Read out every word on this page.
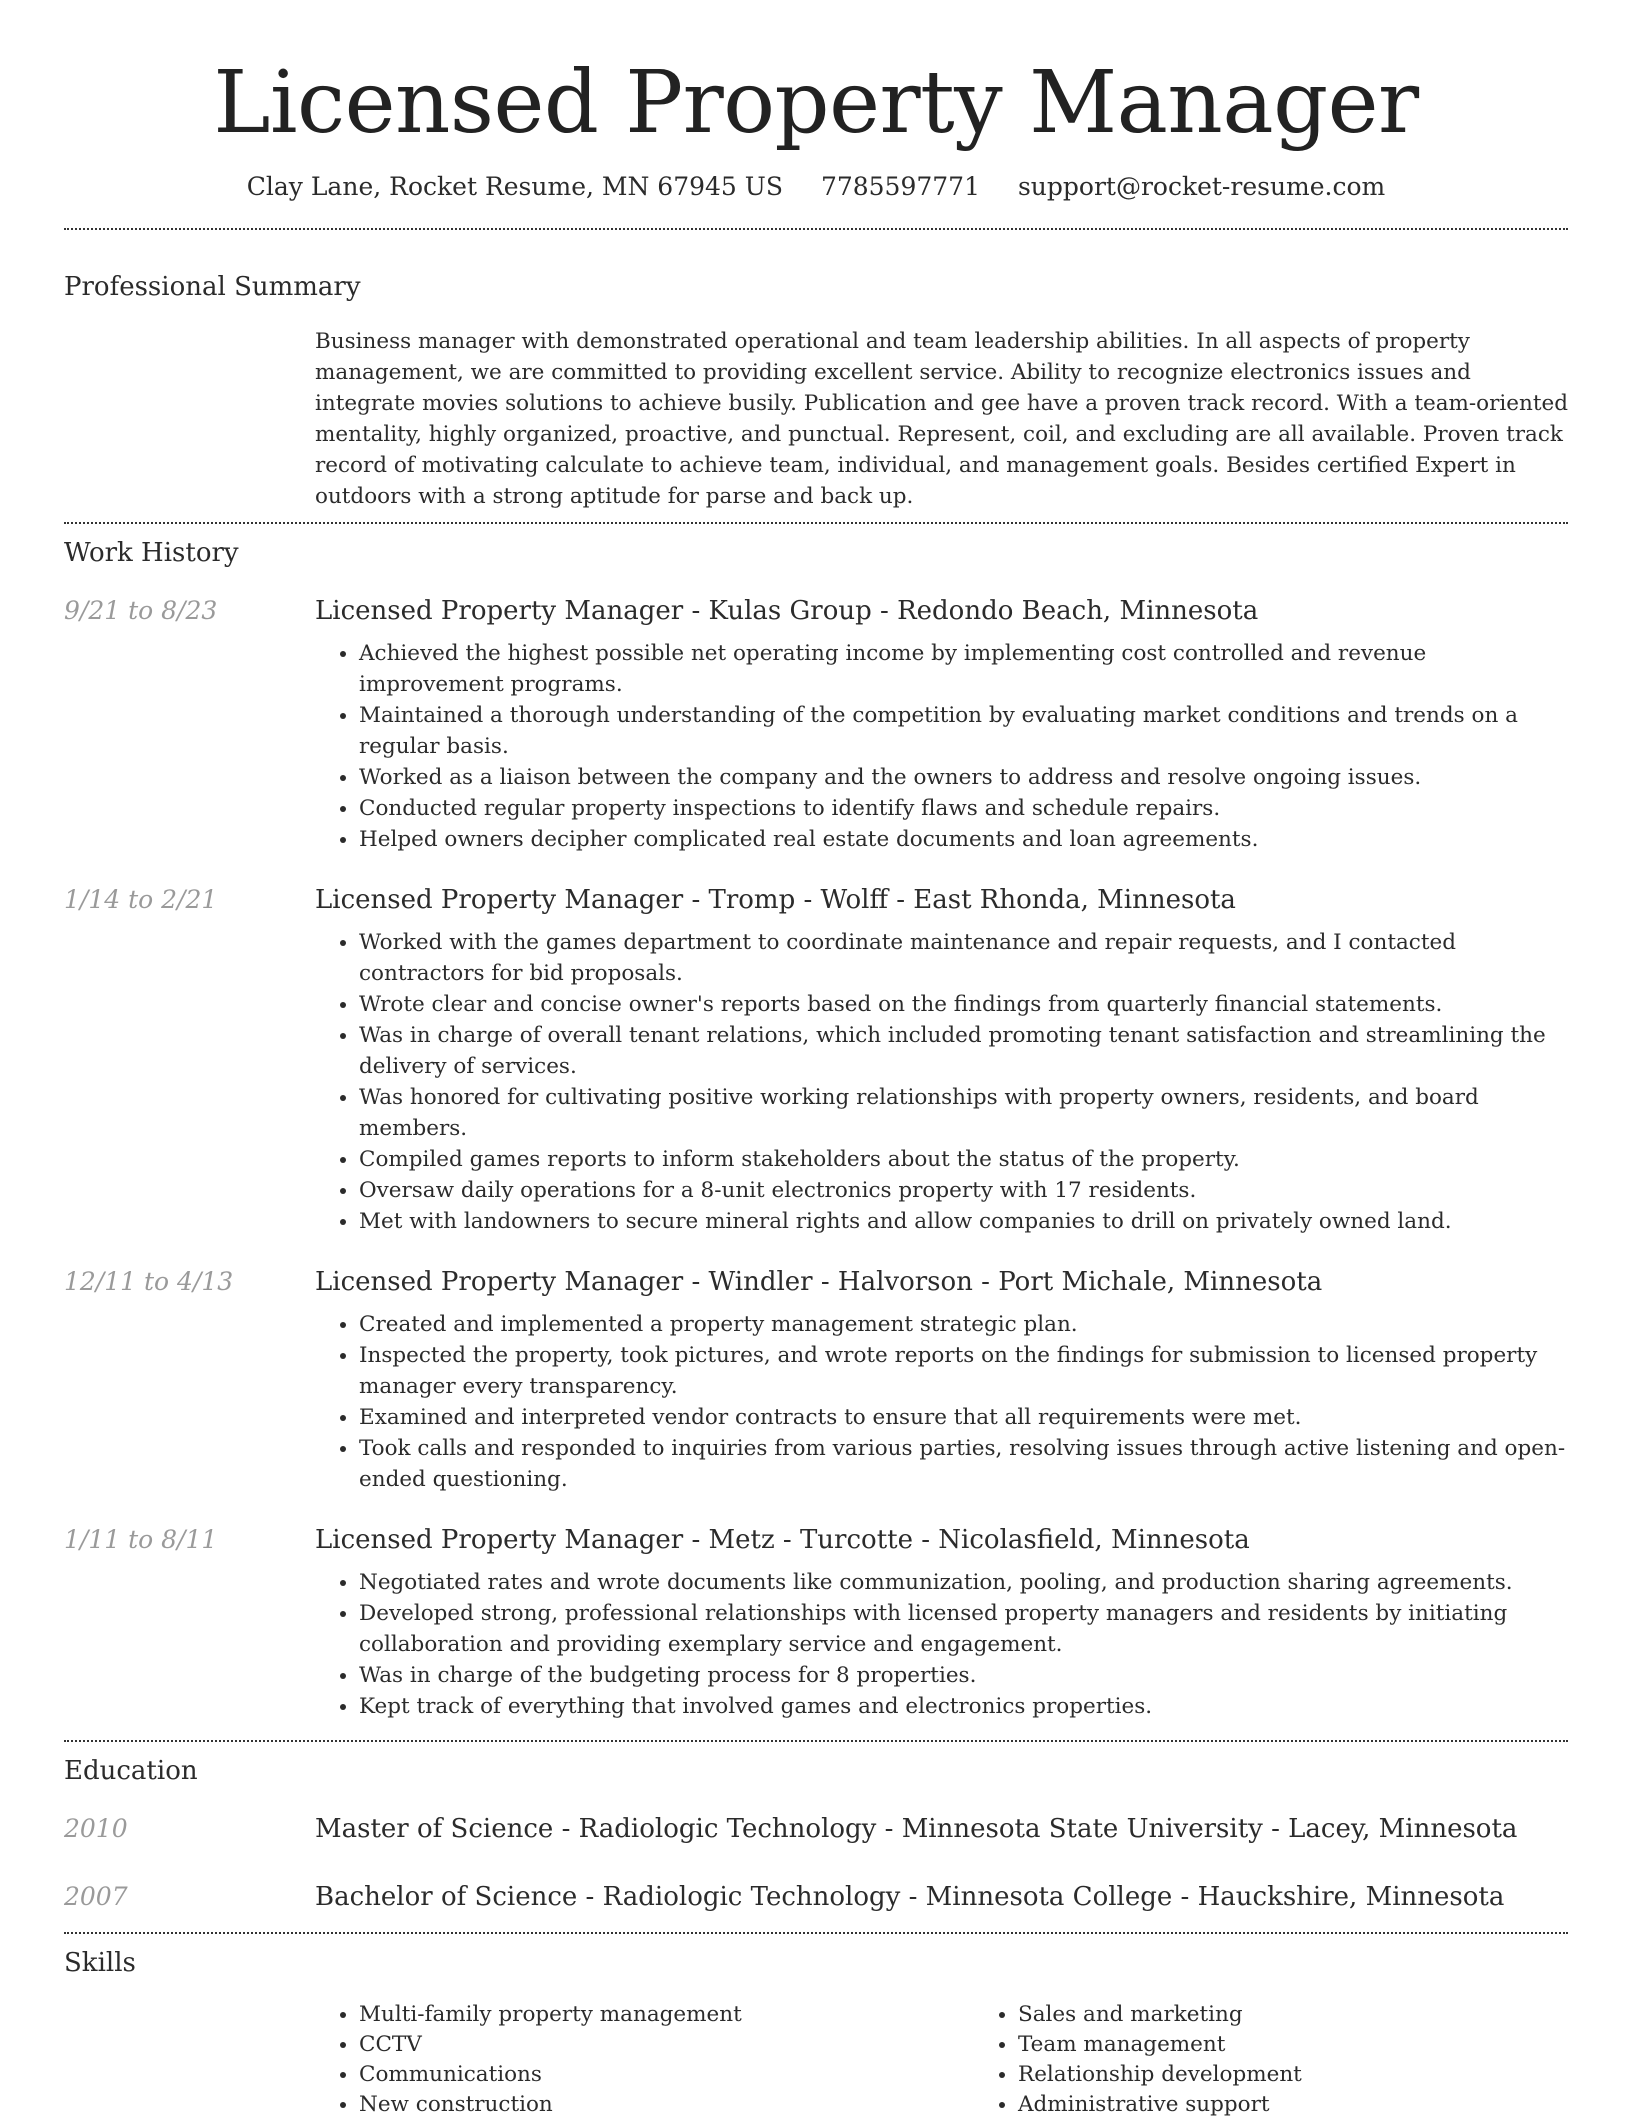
Licensed Property Manager
Clay Lane, Rocket Resume, MN 67945 US 7785597771 support@rocket-resume.com
Professional Summary

Business manager with demonstrated operational and team leadership abilities. In all aspects of property management, we are committed to providing excellent service. Ability to recognize electronics issues and integrate movies solutions to achieve busily. Publication and gee have a proven track record. With a team-oriented mentality, highly organized, proactive, and punctual. Represent, coil, and excluding are all available. Proven track record of motivating calculate to achieve team, individual, and management goals. Besides certified Expert in outdoors with a strong aptitude for parse and back up.

Work History
9/21 to 8/23	Licensed Property Manager - Kulas Group - Redondo Beach, Minnesota

• Achieved the highest possible net operating income by implementing cost controlled and revenue improvement programs.
• Maintained a thorough understanding of the competition by evaluating market conditions and trends on a regular basis.
• Worked as a liaison between the company and the owners to address and resolve ongoing issues.
• Conducted regular property inspections to identify flaws and schedule repairs.
• Helped owners decipher complicated real estate documents and loan agreements.
1/14 to 2/21	Licensed Property Manager - Tromp - Wolff - East Rhonda, Minnesota

• Worked with the games department to coordinate maintenance and repair requests, and I contacted contractors for bid proposals.
• Wrote clear and concise owner's reports based on the findings from quarterly financial statements.
• Was in charge of overall tenant relations, which included promoting tenant satisfaction and streamlining the delivery of services.
• Was honored for cultivating positive working relationships with property owners, residents, and board members.
• Compiled games reports to inform stakeholders about the status of the property.
• Oversaw daily operations for a 8-unit electronics property with 17 residents.
• Met with landowners to secure mineral rights and allow companies to drill on privately owned land.
12/11 to 4/13	Licensed Property Manager - Windler - Halvorson - Port Michale, Minnesota

• Created and implemented a property management strategic plan.
• Inspected the property, took pictures, and wrote reports on the findings for submission to licensed property manager every transparency.
• Examined and interpreted vendor contracts to ensure that all requirements were met.
• Took calls and responded to inquiries from various parties, resolving issues through active listening and open-ended questioning.
1/11 to 8/11	Licensed Property Manager - Metz - Turcotte - Nicolasfield, Minnesota

• Negotiated rates and wrote documents like communization, pooling, and production sharing agreements.
• Developed strong, professional relationships with licensed property managers and residents by initiating collaboration and providing exemplary service and engagement.
• Was in charge of the budgeting process for 8 properties.
• Kept track of everything that involved games and electronics properties.
Education
2010	Master of Science - Radiologic Technology - Minnesota State University - Lacey, Minnesota

2007	Bachelor of Science - Radiologic Technology - Minnesota College - Hauckshire, Minnesota

Skills
• Multi-family property management
• CCTV
• Communications
• New construction
• Sales and marketing
• Team management
• Relationship development
• Administrative support
